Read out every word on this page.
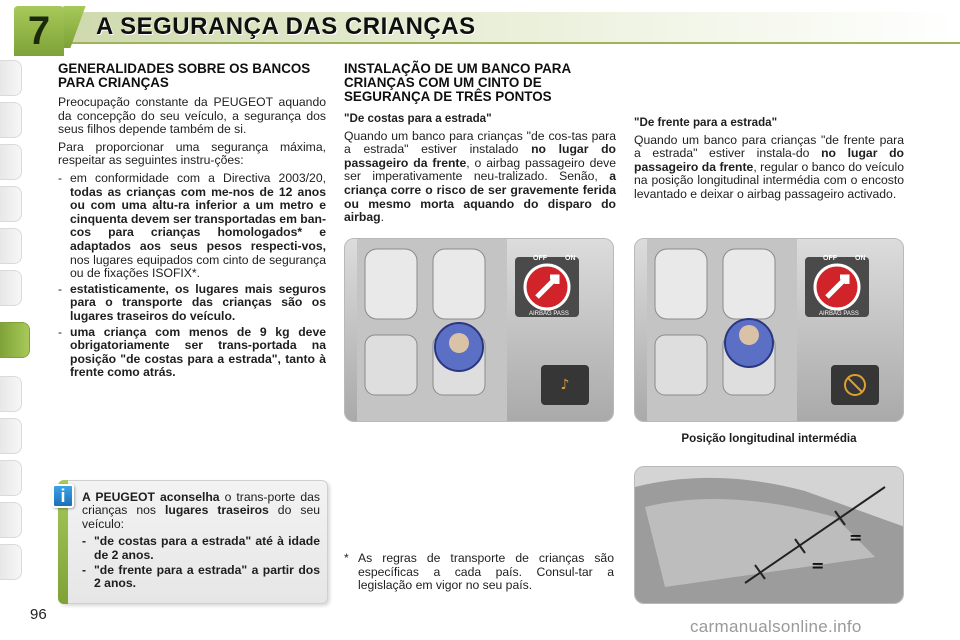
7	A SEGURANÇA DAS CRIANÇAS
GENERALIDADES SOBRE OS BANCOS PARA CRIANÇAS

Preocupação constante da PEUGEOT aquando da concepção do seu veículo, a segurança dos seus filhos depende também de si.

Para proporcionar uma segurança máxima, respeitar as seguintes instru-ções:

- em conformidade com a Directiva 2003/20, todas as crianças com me-nos de 12 anos ou com uma altu-ra inferior a um metro e cinquenta devem ser transportadas em ban-cos para crianças homologados* e adaptados aos seus pesos respecti-vos, nos lugares equipados com cinto de segurança ou de fixações ISOFIX*.
- estatisticamente, os lugares mais seguros para o transporte das crianças são os lugares traseiros do veículo.
- uma criança com menos de 9 kg deve obrigatoriamente ser trans-portada na posição "de costas para a estrada", tanto à frente como atrás.
i	A PEUGEOT aconselha o trans-porte das crianças nos lugares traseiros do seu veículo:

- "de costas para a estrada" até à idade de 2 anos.
- "de frente para a estrada" a partir dos 2 anos.
INSTALAÇÃO DE UM BANCO PARA CRIANÇAS COM UM CINTO DE SEGURANÇA DE TRÊS PONTOS
"De costas para a estrada"

Quando um banco para crianças "de cos-tas para a estrada" estiver instalado no lugar do passageiro da frente, o airbag passageiro deve ser imperativamente neu-tralizado. Senão, a criança corre o risco de ser gravemente ferida ou mesmo morta aquando do disparo do airbag.

"De frente para a estrada"

Quando um banco para crianças "de frente para a estrada" estiver instala-do no lugar do passageiro da frente, regular o banco do veículo na posição longitudinal intermédia com o encosto levantado e deixar o airbag passageiro activado.

♪
OFF	ON
AIRBAG PASS
OFF	ON
AIRBAG PASS
Posição longitudinal intermédia
=
=
* As regras de transporte de crianças são específicas a cada país. Consul-tar a legislação em vigor no seu país.
96
carmanualsonline.info
